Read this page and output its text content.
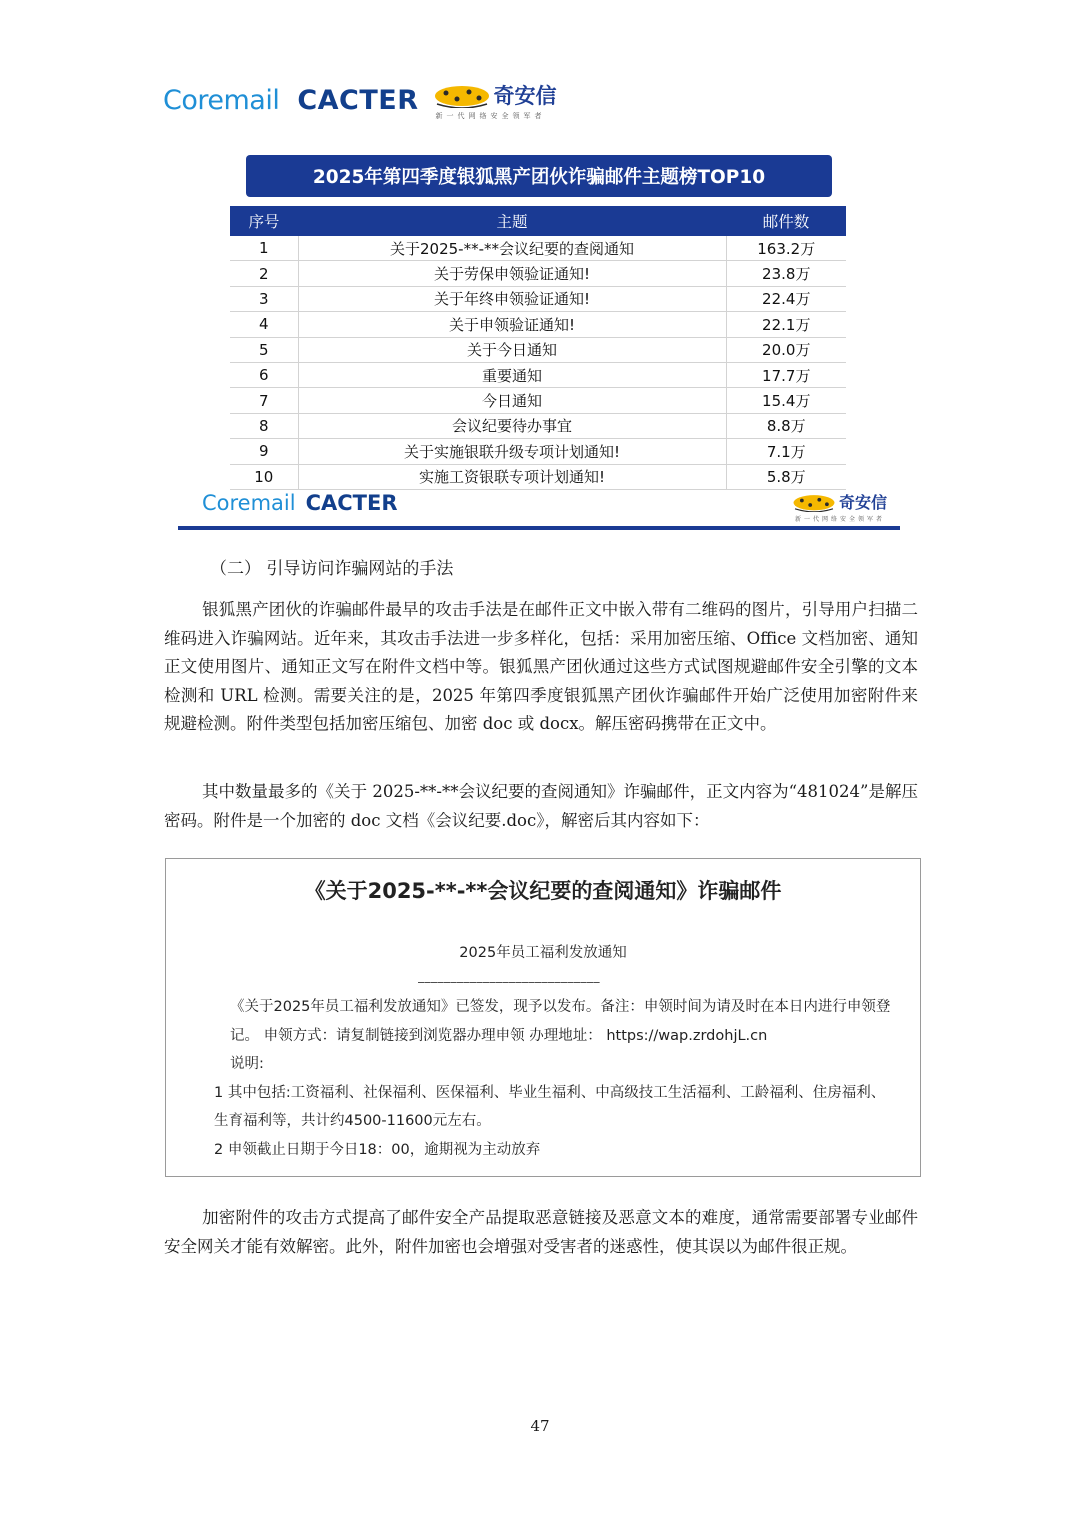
Coremail CACTER	奇安信
新一代网络安全领军者
2025年第四季度银狐黑产团伙诈骗邮件主题榜TOP10
序号	主题	邮件数
1	关于2025-**-**会议纪要的查阅通知	163.2万
2	关于劳保申领验证通知!	23.8万
3	关于年终申领验证通知!	22.4万
4	关于申领验证通知!	22.1万
5	关于今日通知	20.0万
6	重要通知	17.7万
7	今日通知	15.4万
8	会议纪要待办事宜	8.8万
9	关于实施银联升级专项计划通知!	7.1万
10	实施工资银联专项计划通知!	5.8万
Coremail CACTER	奇安信
新一代网络安全领军者
（二） 引导访问诈骗网站的手法

银狐黑产团伙的诈骗邮件最早的攻击手法是在邮件正文中嵌入带有二维码的图片，引导用户扫描二维码进入诈骗网站。近年来，其攻击手法进一步多样化，包括：采用加密压缩、Office 文档加密、通知正文使用图片、通知正文写在附件文档中等。银狐黑产团伙通过这些方式试图规避邮件安全引擎的文本检测和 URL 检测。需要关注的是，2025 年第四季度银狐黑产团伙诈骗邮件开始广泛使用加密附件来规避检测。附件类型包括加密压缩包、加密 doc 或 docx。解压密码携带在正文中。

其中数量最多的《关于 2025-**-**会议纪要的查阅通知》诈骗邮件，正文内容为“481024”是解压密码。附件是一个加密的 doc 文档《会议纪要.doc》，解密后其内容如下：

《关于2025-**-**会议纪要的查阅通知》诈骗邮件
2025年员工福利发放通知
____________________________

《关于2025年员工福利发放通知》已签发，现予以发布。备注：申领时间为请及时在本日内进行申领登记。 申领方式：请复制链接到浏览器办理申领 办理地址： https://wap.zrdohjL.cn

说明:

1 其中包括:工资福利、社保福利、医保福利、毕业生福利、中高级技工生活福利、工龄福利、住房福利、生育福利等，共计约4500-11600元左右。

2 申领截止日期于今日18：00，逾期视为主动放弃

加密附件的攻击方式提高了邮件安全产品提取恶意链接及恶意文本的难度，通常需要部署专业邮件安全网关才能有效解密。此外，附件加密也会增强对受害者的迷惑性，使其误以为邮件很正规。

47
